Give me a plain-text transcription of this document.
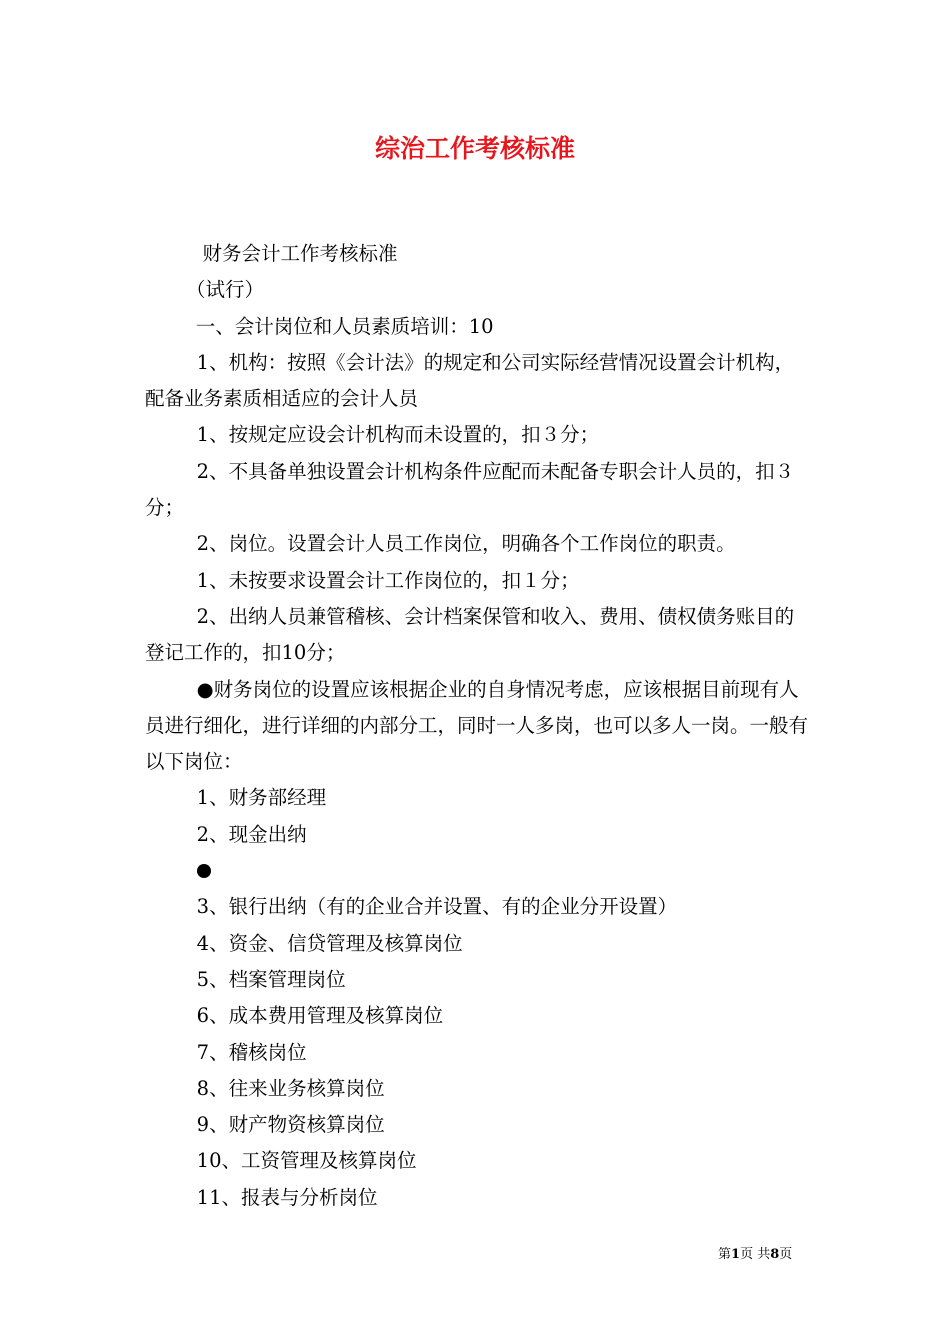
综治工作考核标准

财务会计工作考核标准

（试行）

一、会计岗位和人员素质培训：10

1、机构：按照《会计法》的规定和公司实际经营情况设置会计机构，配备业务素质相适应的会计人员

1、按规定应设会计机构而未设置的，扣３分；

2、不具备单独设置会计机构条件应配而未配备专职会计人员的，扣３分；

2、岗位。设置会计人员工作岗位，明确各个工作岗位的职责。

1、未按要求设置会计工作岗位的，扣１分；

2、出纳人员兼管稽核、会计档案保管和收入、费用、债权债务账目的登记工作的，扣10分；

●财务岗位的设置应该根据企业的自身情况考虑，应该根据目前现有人员进行细化，进行详细的内部分工，同时一人多岗，也可以多人一岗。一般有以下岗位：

1、财务部经理

2、现金出纳

3、银行出纳（有的企业合并设置、有的企业分开设置）

4、资金、信贷管理及核算岗位

5、档案管理岗位

6、成本费用管理及核算岗位

7、稽核岗位

8、往来业务核算岗位

9、财产物资核算岗位

10、工资管理及核算岗位

11、报表与分析岗位

第1页 共8页
